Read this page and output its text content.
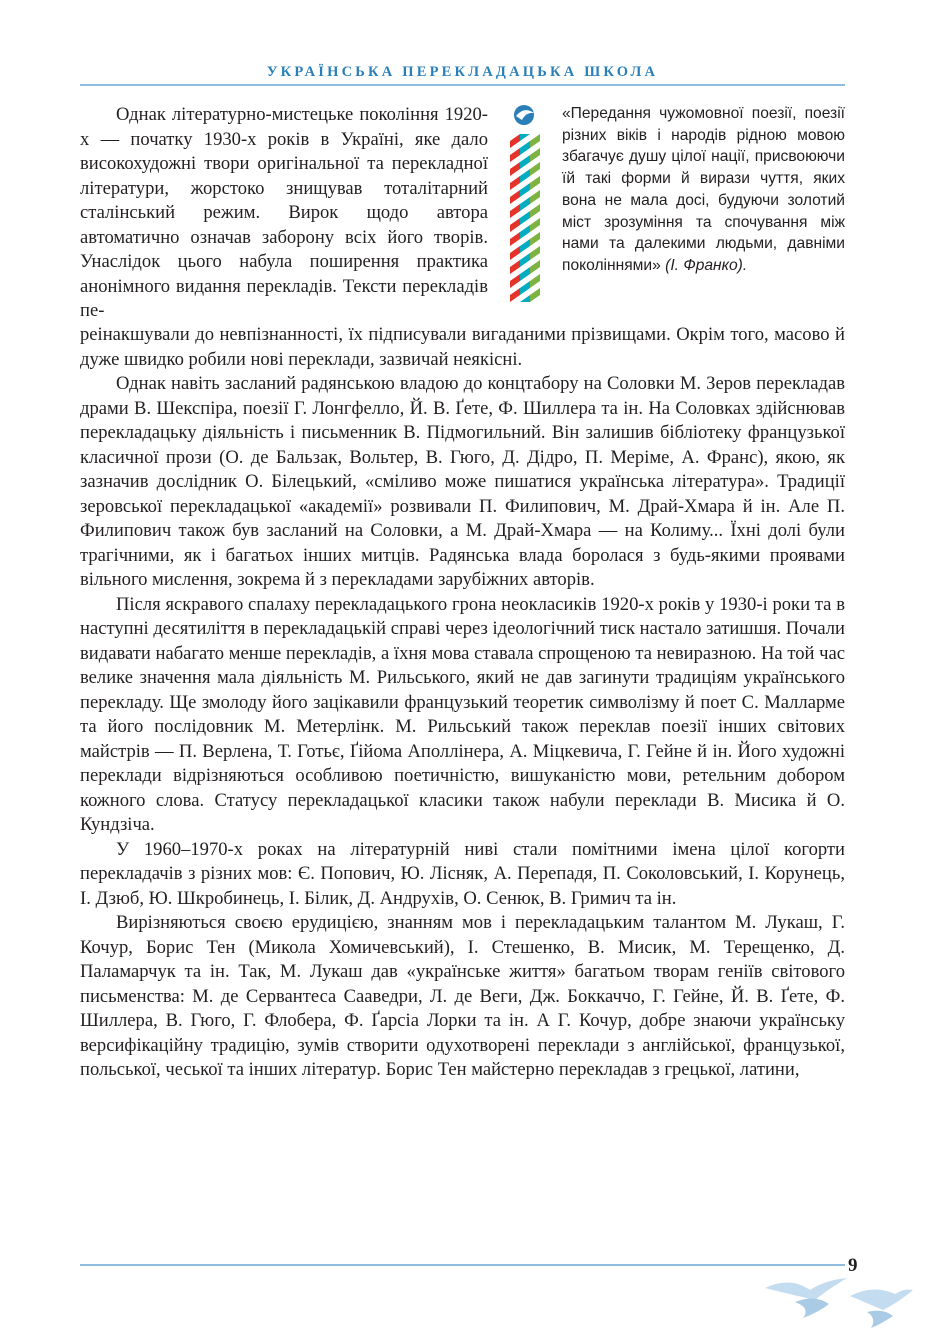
УКРАЇНСЬКА ПЕРЕКЛАДАЦЬКА ШКОЛА
Однак літературно-мистецьке покоління 1920-х — початку 1930-х років в Україні, яке дало високохудожні твори оригінальної та перекладної літератури, жорстоко знищував тоталітарний сталінський режим. Вирок щодо автора автоматично означав заборону всіх його творів. Унаслідок цього набула поширення практика анонімного видання перекладів. Тексти перекладів пе-
«Передання чужомовної поезії, поезії різних віків і народів рідною мовою збагачує душу цілої нації, присвоюючи їй такі форми й вирази чуття, яких вона не мала досі, будуючи золотий міст зрозуміння та спочування між нами та далекими людьми, давніми поколіннями» (І. Франко).

реінакшували до невпізнанності, їх підписували вигаданими прізвищами. Окрім того, масово й дуже швидко робили нові переклади, зазвичай неякісні.

Однак навіть засланий радянською владою до концтабору на Соловки М. Зеров перекладав драми В. Шекспіра, поезії Г. Лонгфелло, Й. В. Ґете, Ф. Шиллера та ін. На Соловках здійснював перекладацьку діяльність і письменник В. Підмогильний. Він залишив бібліотеку французької класичної прози (О. де Бальзак, Вольтер, В. Гюго, Д. Дідро, П. Меріме, А. Франс), якою, як зазначив дослідник О. Білецький, «сміливо може пишатися українська література». Традиції зеровської перекладацької «академії» розвивали П. Филипович, М. Драй-Хмара й ін. Але П. Филипович також був засланий на Соловки, а М. Драй-Хмара — на Колиму... Їхні долі були трагічними, як і багатьох інших митців. Радянська влада боролася з будь-якими проявами вільного мислення, зокрема й з перекладами зарубіжних авторів.

Після яскравого спалаху перекладацького грона неокласиків 1920-х років у 1930-і роки та в наступні десятиліття в перекладацькій справі через ідеологічний тиск настало затишшя. Почали видавати набагато менше перекладів, а їхня мова ставала спрощеною та невиразною. На той час велике значення мала діяльність М. Рильського, який не дав загинути традиціям українського перекладу. Ще змолоду його зацікавили французький теоретик символізму й поет С. Малларме та його послідовник М. Метерлінк. М. Рильський також переклав поезії інших світових майстрів — П. Верлена, Т. Готьє, Ґійома Аполлінера, А. Міцкевича, Г. Гейне й ін. Його художні переклади відрізняються особливою поетичністю, вишуканістю мови, ретельним добором кожного слова. Статусу перекладацької класики також набули переклади В. Мисика й О. Кундзіча.

У 1960–1970-х роках на літературній ниві стали помітними імена цілої когорти перекладачів з різних мов: Є. Попович, Ю. Лісняк, А. Перепадя, П. Соколовський, І. Корунець, І. Дзюб, Ю. Шкробинець, І. Білик, Д. Андрухів, О. Сенюк, В. Гримич та ін.

Вирізняються своєю ерудицією, знанням мов і перекладацьким талантом М. Лукаш, Г. Кочур, Борис Тен (Микола Хомичевський), І. Стешенко, В. Мисик, М. Терещенко, Д. Паламарчук та ін. Так, М. Лукаш дав «українське життя» багатьом творам геніїв світового письменства: М. де Сервантеса Сааведри, Л. де Веги, Дж. Боккаччо, Г. Гейне, Й. В. Ґете, Ф. Шиллера, В. Гюго, Г. Флобера, Ф. Ґарсіа Лорки та ін. А Г. Кочур, добре знаючи українську версифікаційну традицію, зумів створити одухотворені переклади з англійської, французької, польської, чеської та інших літератур. Борис Тен майстерно перекладав з грецької, латини,

9
